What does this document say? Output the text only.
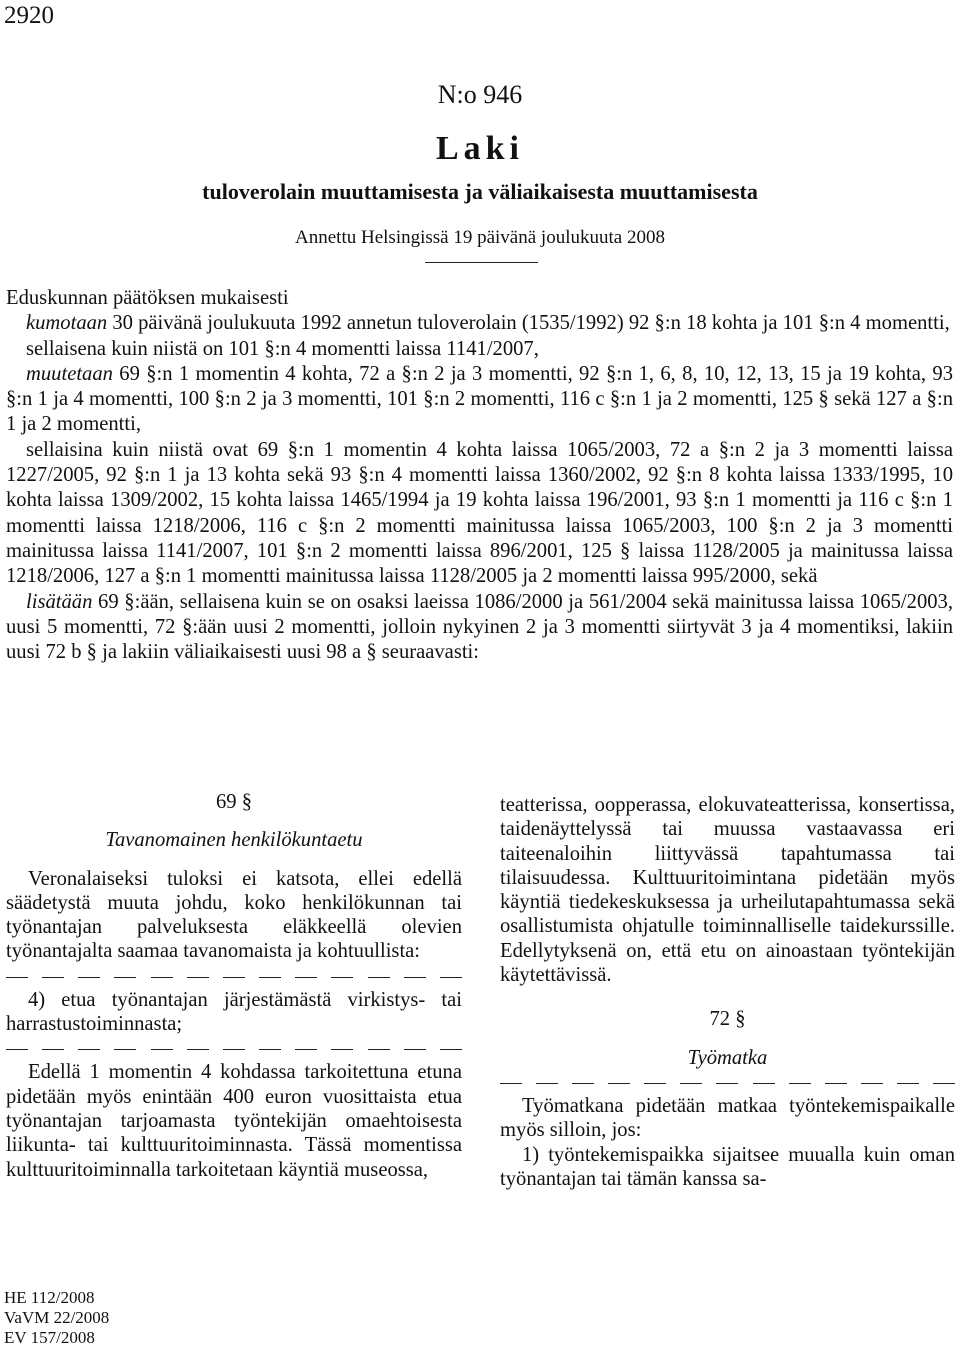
2920
N:o 946
Laki
tuloverolain muuttamisesta ja väliaikaisesta muuttamisesta
Annettu Helsingissä 19 päivänä joulukuuta 2008

Eduskunnan päätöksen mukaisesti

kumotaan 30 päivänä joulukuuta 1992 annetun tuloverolain (1535/1992) 92 §:n 18 kohta ja 101 §:n 4 momentti,

sellaisena kuin niistä on 101 §:n 4 momentti laissa 1141/2007,

muutetaan 69 §:n 1 momentin 4 kohta, 72 a §:n 2 ja 3 momentti, 92 §:n 1, 6, 8, 10, 12, 13, 15 ja 19 kohta, 93 §:n 1 ja 4 momentti, 100 §:n 2 ja 3 momentti, 101 §:n 2 momentti, 116 c §:n 1 ja 2 momentti, 125 § sekä 127 a §:n 1 ja 2 momentti,

sellaisina kuin niistä ovat 69 §:n 1 momentin 4 kohta laissa 1065/2003, 72 a §:n 2 ja 3 momentti laissa 1227/2005, 92 §:n 1 ja 13 kohta sekä 93 §:n 4 momentti laissa 1360/2002, 92 §:n 8 kohta laissa 1333/1995, 10 kohta laissa 1309/2002, 15 kohta laissa 1465/1994 ja 19 kohta laissa 196/2001, 93 §:n 1 momentti ja 116 c §:n 1 momentti laissa 1218/2006, 116 c §:n 2 momentti mainitussa laissa 1065/2003, 100 §:n 2 ja 3 momentti mainitussa laissa 1141/2007, 101 §:n 2 momentti laissa 896/2001, 125 § laissa 1128/2005 ja mainitussa laissa 1218/2006, 127 a §:n 1 momentti mainitussa laissa 1128/2005 ja 2 momentti laissa 995/2000, sekä

lisätään 69 §:ään, sellaisena kuin se on osaksi laeissa 1086/2000 ja 561/2004 sekä mainitussa laissa 1065/2003, uusi 5 momentti, 72 §:ään uusi 2 momentti, jolloin nykyinen 2 ja 3 momentti siirtyvät 3 ja 4 momentiksi, lakiin uusi 72 b § ja lakiin väliaikaisesti uusi 98 a § seuraavasti:

69 §

Tavanomainen henkilökuntaetu

Veronalaiseksi tuloksi ei katsota, ellei edellä säädetystä muuta johdu, koko henkilökunnan tai työnantajan palveluksesta eläkkeellä olevien työnantajalta saamaa tavanomaista ja kohtuullista:

4) etua työnantajan järjestämästä virkistys- tai harrastustoiminnasta;

Edellä 1 momentin 4 kohdassa tarkoitettuna etuna pidetään myös enintään 400 euron vuosittaista etua työnantajan tarjoamasta työntekijän omaehtoisesta liikunta- tai kulttuuritoiminnasta. Tässä momentissa kulttuuritoiminnalla tarkoitetaan käyntiä museossa,

teatterissa, oopperassa, elokuvateatterissa, konsertissa, taidenäyttelyssä tai muussa vastaavassa eri taiteenaloihin liittyvässä tapahtumassa tai tilaisuudessa. Kulttuuritoimintana pidetään myös käyntiä tiedekeskuksessa ja urheilutapahtumassa sekä osallistumista ohjatulle toiminnalliselle taidekurssille. Edellytyksenä on, että etu on ainoastaan työntekijän käytettävissä.

72 §

Työmatka

Työmatkana pidetään matkaa työntekemispaikalle myös silloin, jos:

1) työntekemispaikka sijaitsee muualla kuin oman työnantajan tai tämän kanssa sa-

HE 112/2008
VaVM 22/2008
EV 157/2008
